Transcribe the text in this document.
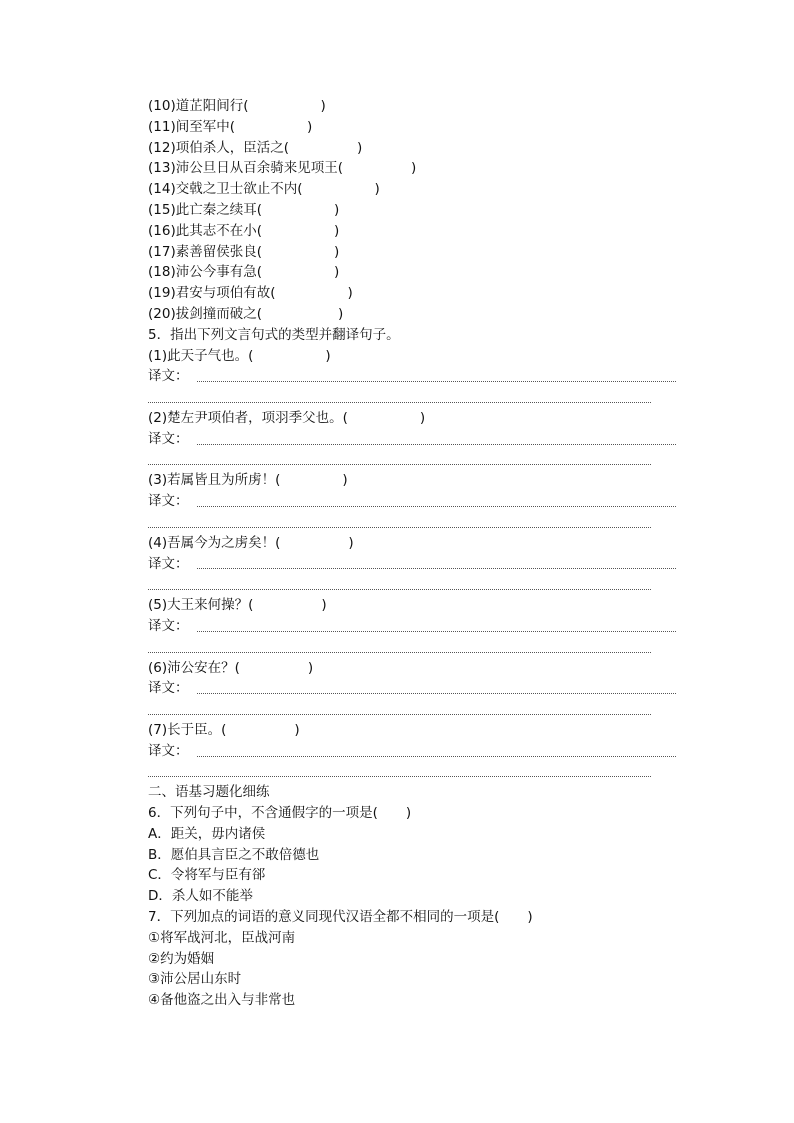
(10)道芷阳间行(	)
(11)间至军中(	)
(12)项伯杀人，臣活之(	)
(13)沛公旦日从百余骑来见项王(	)
(14)交戟之卫士欲止不内(	)
(15)此亡秦之续耳(	)
(16)此其志不在小(	)
(17)素善留侯张良(	)
(18)沛公今事有急(	)
(19)君安与项伯有故(	)
(20)拔剑撞而破之(	)
5．指出下列文言句式的类型并翻译句子。
(1)此天子气也。(	)
译文：
(2)楚左尹项伯者，项羽季父也。(	)
译文：
(3)若属皆且为所虏！(	)
译文：
(4)吾属今为之虏矣！(	)
译文：
(5)大王来何操？(	)
译文：
(6)沛公安在？(	)
译文：
(7)长于臣。(	)
译文：
二、语基习题化细练
6．下列句子中，不含通假字的一项是( )
A．距关，毋内诸侯
B．愿伯具言臣之不敢倍德也
C．令将军与臣有郤
D．杀人如不能举
7．下列加点的词语的意义同现代汉语全都不相同的一项是( )
①将军战河北，臣战河南
②约为婚姻
③沛公居山东时
④备他盗之出入与非常也
